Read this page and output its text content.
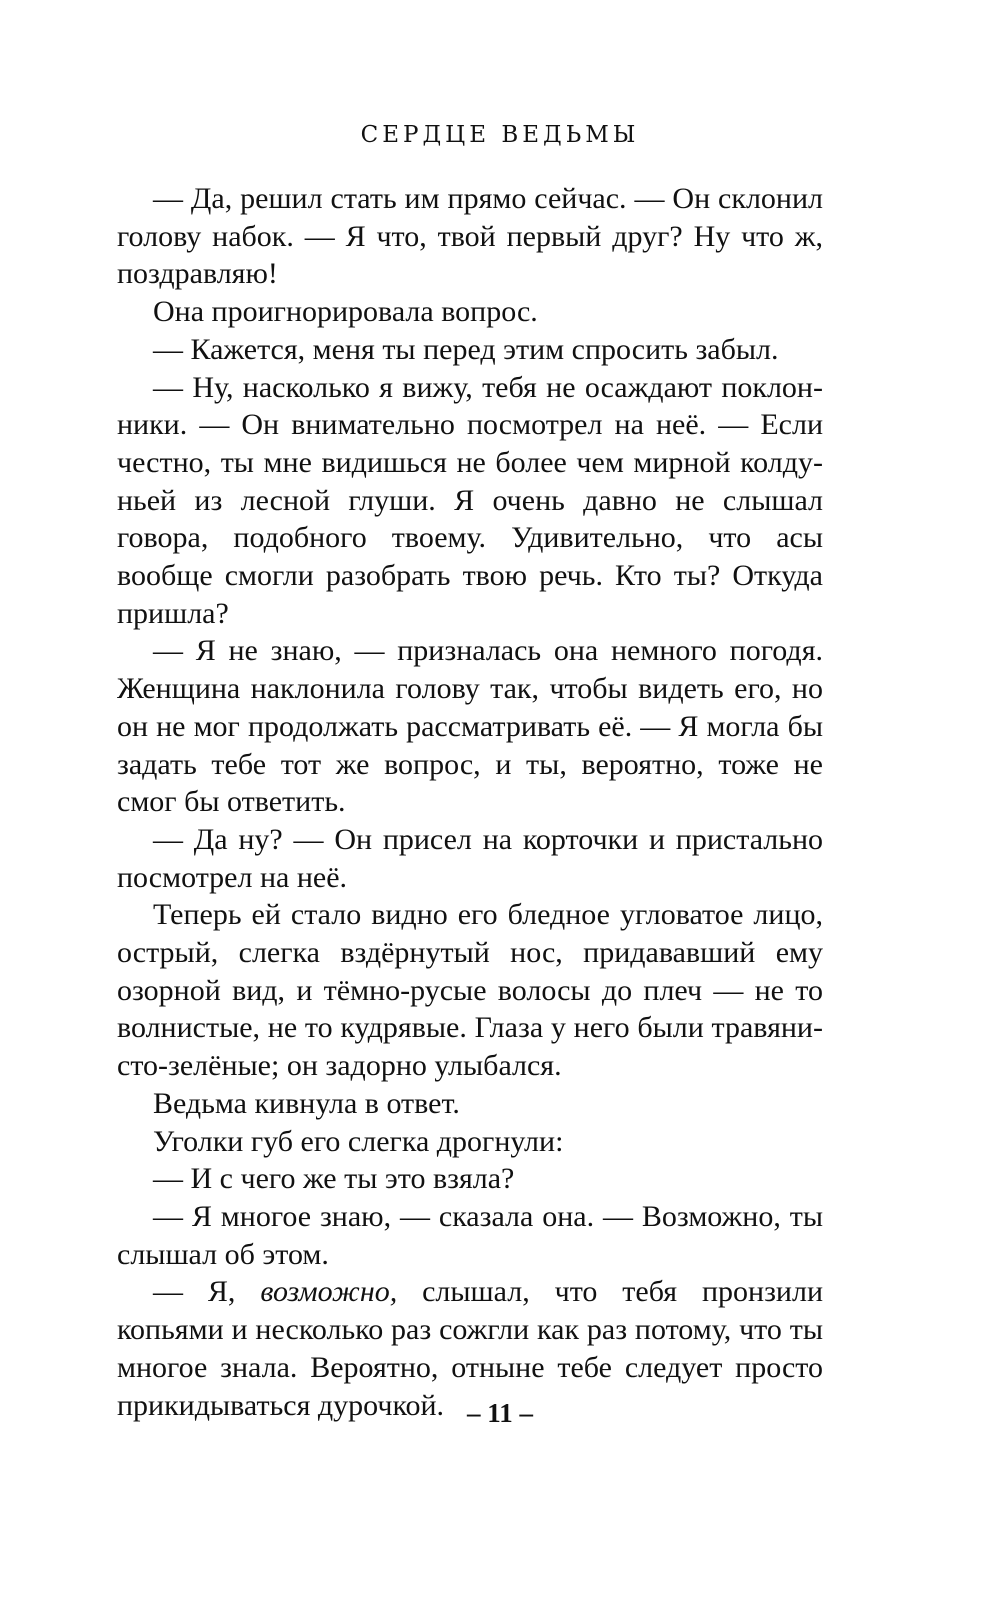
СЕРДЦЕ ВЕДЬМЫ

— Да, решил стать им прямо сейчас. — Он склонил голову набок. — Я что, твой первый друг? Ну что ж, поздравляю!

Она проигнорировала вопрос.

— Кажется, меня ты перед этим спросить забыл.

— Ну, насколько я вижу, тебя не осаждают поклонники. — Он внимательно посмотрел на неё. — Если честно, ты мне видишься не более чем мирной колдуньей из лесной глуши. Я очень давно не слышал говора, подобного твоему. Удивительно, что асы вообще смогли разобрать твою речь. Кто ты? Откуда пришла?

— Я не знаю, — призналась она немного погодя. Женщина наклонила голову так, чтобы видеть его, но он не мог продолжать рассматривать её. — Я могла бы задать тебе тот же вопрос, и ты, вероятно, тоже не смог бы ответить.

— Да ну? — Он присел на корточки и пристально посмотрел на неё.

Теперь ей стало видно его бледное угловатое лицо, острый, слегка вздёрнутый нос, придававший ему озорной вид, и тёмно-русые волосы до плеч — не то волнистые, не то кудрявые. Глаза у него были травянисто-зелёные; он задорно улыбался.

Ведьма кивнула в ответ.

Уголки губ его слегка дрогнули:

— И с чего же ты это взяла?

— Я многое знаю, — сказала она. — Возможно, ты слышал об этом.

— Я, возможно, слышал, что тебя пронзили копьями и несколько раз сожгли как раз потому, что ты многое знала. Вероятно, отныне тебе следует просто прикидываться дурочкой. – 11 –
